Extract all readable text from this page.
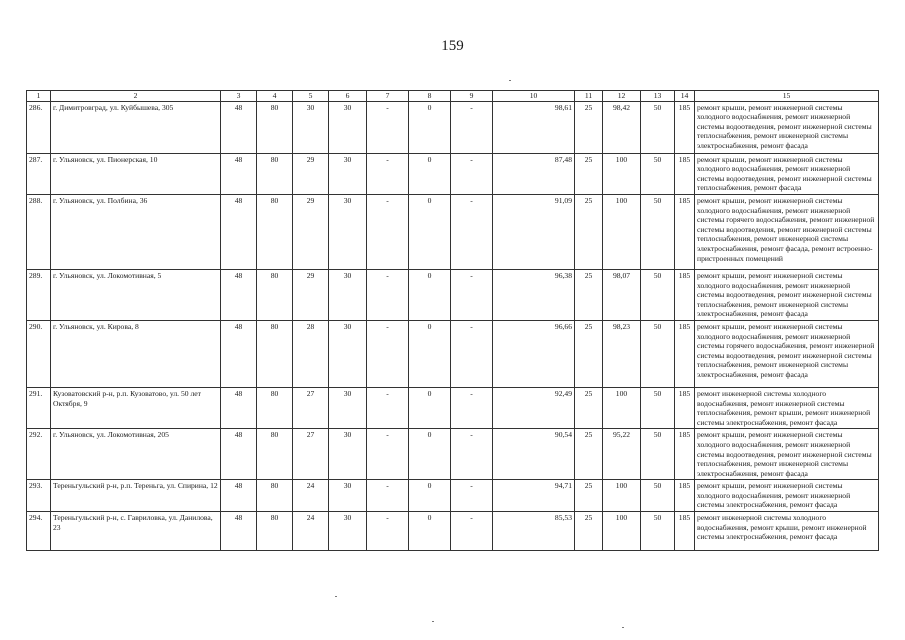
159
1	2	3	4	5	6	7	8	9	10	11	12	13	14	15
286.	г. Димитровград, ул. Куйбышева, 305	48	80	30	30	-	0	-	98,61	25	98,42	50	185	ремонт крыши, ремонт инженерной системы холодного водоснабжения, ремонт инженерной системы водоотведения, ремонт инженерной системы теплоснабжения, ремонт инженерной системы электроснабжения, ремонт фасада
287.	г. Ульяновск, ул. Пионерская, 10	48	80	29	30	-	0	-	87,48	25	100	50	185	ремонт крыши, ремонт инженерной системы холодного водоснабжения, ремонт инженерной системы водоотведения, ремонт инженерной системы теплоснабжения, ремонт фасада
288.	г. Ульяновск, ул. Полбина, 36	48	80	29	30	-	0	-	91,09	25	100	50	185	ремонт крыши, ремонт инженерной системы холодного водоснабжения, ремонт инженерной системы горячего водоснабжения, ремонт инженерной системы водоотведения, ремонт инженерной системы теплоснабжения, ремонт инженерной системы электроснабжения, ремонт фасада, ремонт встроенно-пристроенных помещений
289.	г. Ульяновск, ул. Локомотивная, 5	48	80	29	30	-	0	-	96,38	25	98,07	50	185	ремонт крыши, ремонт инженерной системы холодного водоснабжения, ремонт инженерной системы водоотведения, ремонт инженерной системы теплоснабжения, ремонт инженерной системы электроснабжения, ремонт фасада
290.	г. Ульяновск, ул. Кирова, 8	48	80	28	30	-	0	-	96,66	25	98,23	50	185	ремонт крыши, ремонт инженерной системы холодного водоснабжения, ремонт инженерной системы горячего водоснабжения, ремонт инженерной системы водоотведения, ремонт инженерной системы теплоснабжения, ремонт инженерной системы электроснабжения, ремонт фасада
291.	Кузоватовский р-н, р.п. Кузоватово, ул. 50 лет Октября, 9	48	80	27	30	-	0	-	92,49	25	100	50	185	ремонт инженерной системы холодного водоснабжения, ремонт инженерной системы теплоснабжения, ремонт крыши, ремонт инженерной системы электроснабжения, ремонт фасада
292.	г. Ульяновск, ул. Локомотивная, 205	48	80	27	30	-	0	-	90,54	25	95,22	50	185	ремонт крыши, ремонт инженерной системы холодного водоснабжения, ремонт инженерной системы водоотведения, ремонт инженерной системы теплоснабжения, ремонт инженерной системы электроснабжения, ремонт фасада
293.	Тереньгульский р-н, р.п. Тереньга, ул. Спирина, 12	48	80	24	30	-	0	-	94,71	25	100	50	185	ремонт крыши, ремонт инженерной системы холодного водоснабжения, ремонт инженерной системы электроснабжения, ремонт фасада
294.	Тереньгульский р-н, с. Гавриловка, ул. Данилова, 23	48	80	24	30	-	0	-	85,53	25	100	50	185	ремонт инженерной системы холодного водоснабжения, ремонт крыши, ремонт инженерной системы электроснабжения, ремонт фасада
